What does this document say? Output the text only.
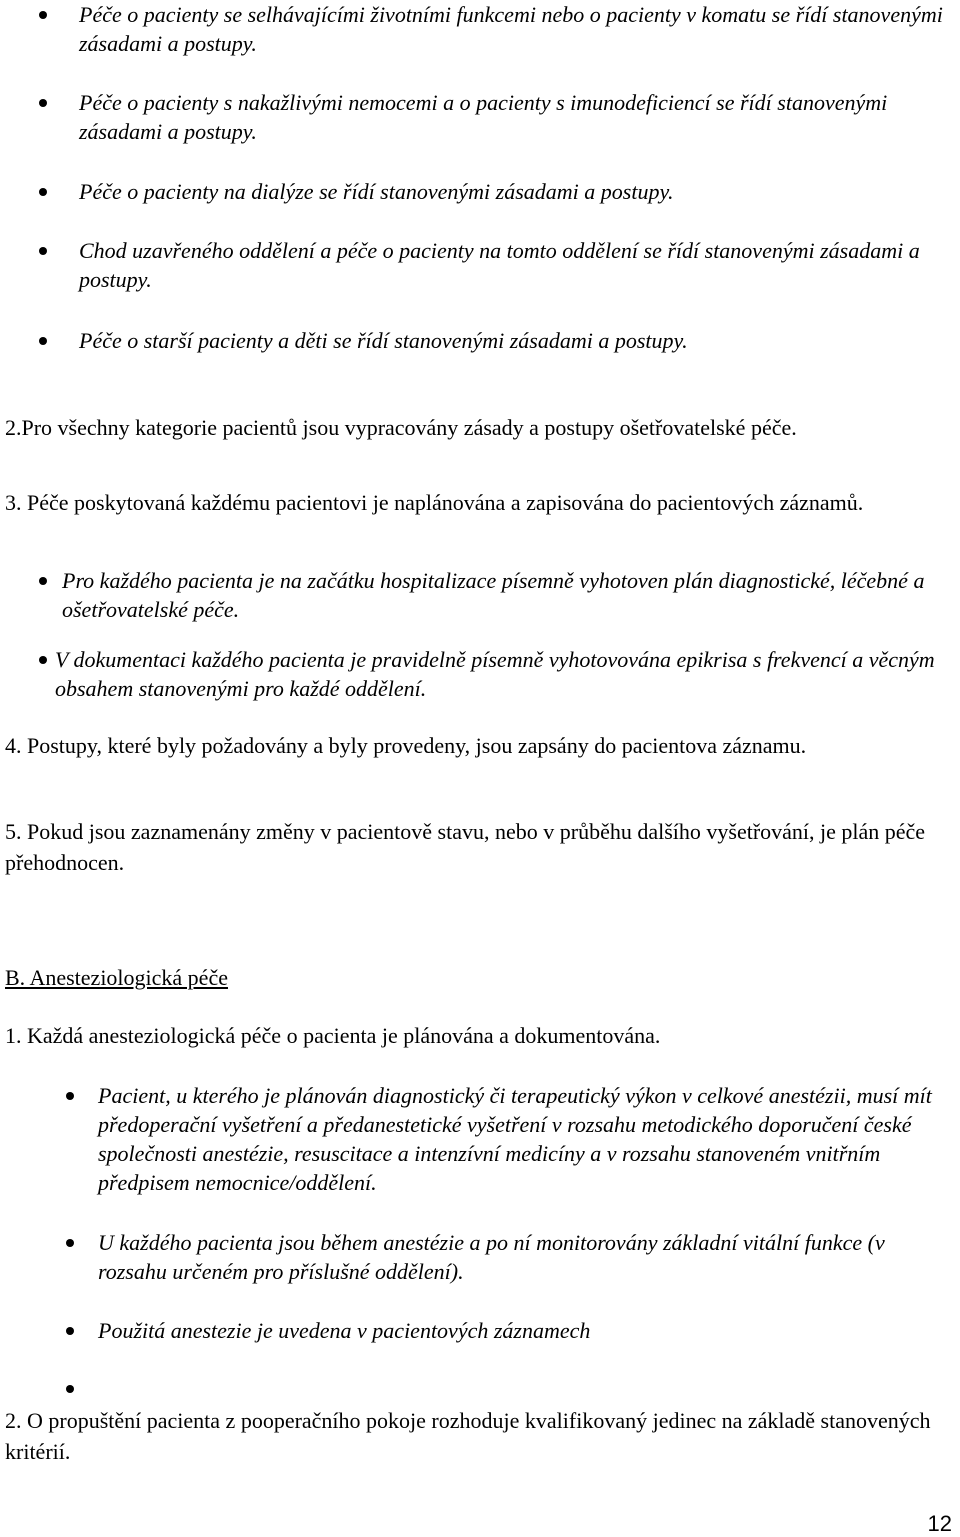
Péče o pacienty se selhávajícími životními funkcemi nebo o pacienty v komatu se řídí stanovenými zásadami a postupy.
Péče o pacienty s nakažlivými nemocemi a o pacienty s imunodeficiencí se řídí stanovenými zásadami a postupy.
Péče o pacienty na dialýze se řídí stanovenými zásadami a postupy.
Chod uzavřeného oddělení a péče o pacienty na tomto oddělení se řídí stanovenými zásadami a postupy.
Péče o starší pacienty a děti se řídí stanovenými zásadami a postupy.

2.Pro všechny kategorie pacientů jsou vypracovány zásady a postupy ošetřovatelské péče.

3. Péče poskytovaná každému pacientovi je naplánována a zapisována do pacientových záznamů.

Pro každého pacienta je na začátku hospitalizace písemně vyhotoven plán diagnostické, léčebné a ošetřovatelské péče.
V dokumentaci každého pacienta je pravidelně písemně vyhotovována epikrisa s frekvencí a věcným obsahem stanovenými pro každé oddělení.

4. Postupy, které byly požadovány a byly provedeny, jsou zapsány do pacientova záznamu.

5. Pokud jsou zaznamenány změny v pacientově stavu, nebo v průběhu dalšího vyšetřování, je plán péče přehodnocen.

B. Anesteziologická péče

1. Každá anesteziologická péče o pacienta je plánována a dokumentována.

Pacient, u kterého je plánován diagnostický či terapeutický výkon v celkové anestézii, musí mít předoperační vyšetření a předanestetické vyšetření v rozsahu metodického doporučení české společnosti anestézie, resuscitace a intenzívní medicíny a v rozsahu stanoveném vnitřním předpisem nemocnice/oddělení.
U každého pacienta jsou během anestézie a po ní monitorovány základní vitální funkce (v rozsahu určeném pro příslušné oddělení).
Použitá anestezie je uvedena v pacientových záznamech

2. O propuštění pacienta z pooperačního pokoje rozhoduje kvalifikovaný jedinec na základě stanovených kritérií.

12
